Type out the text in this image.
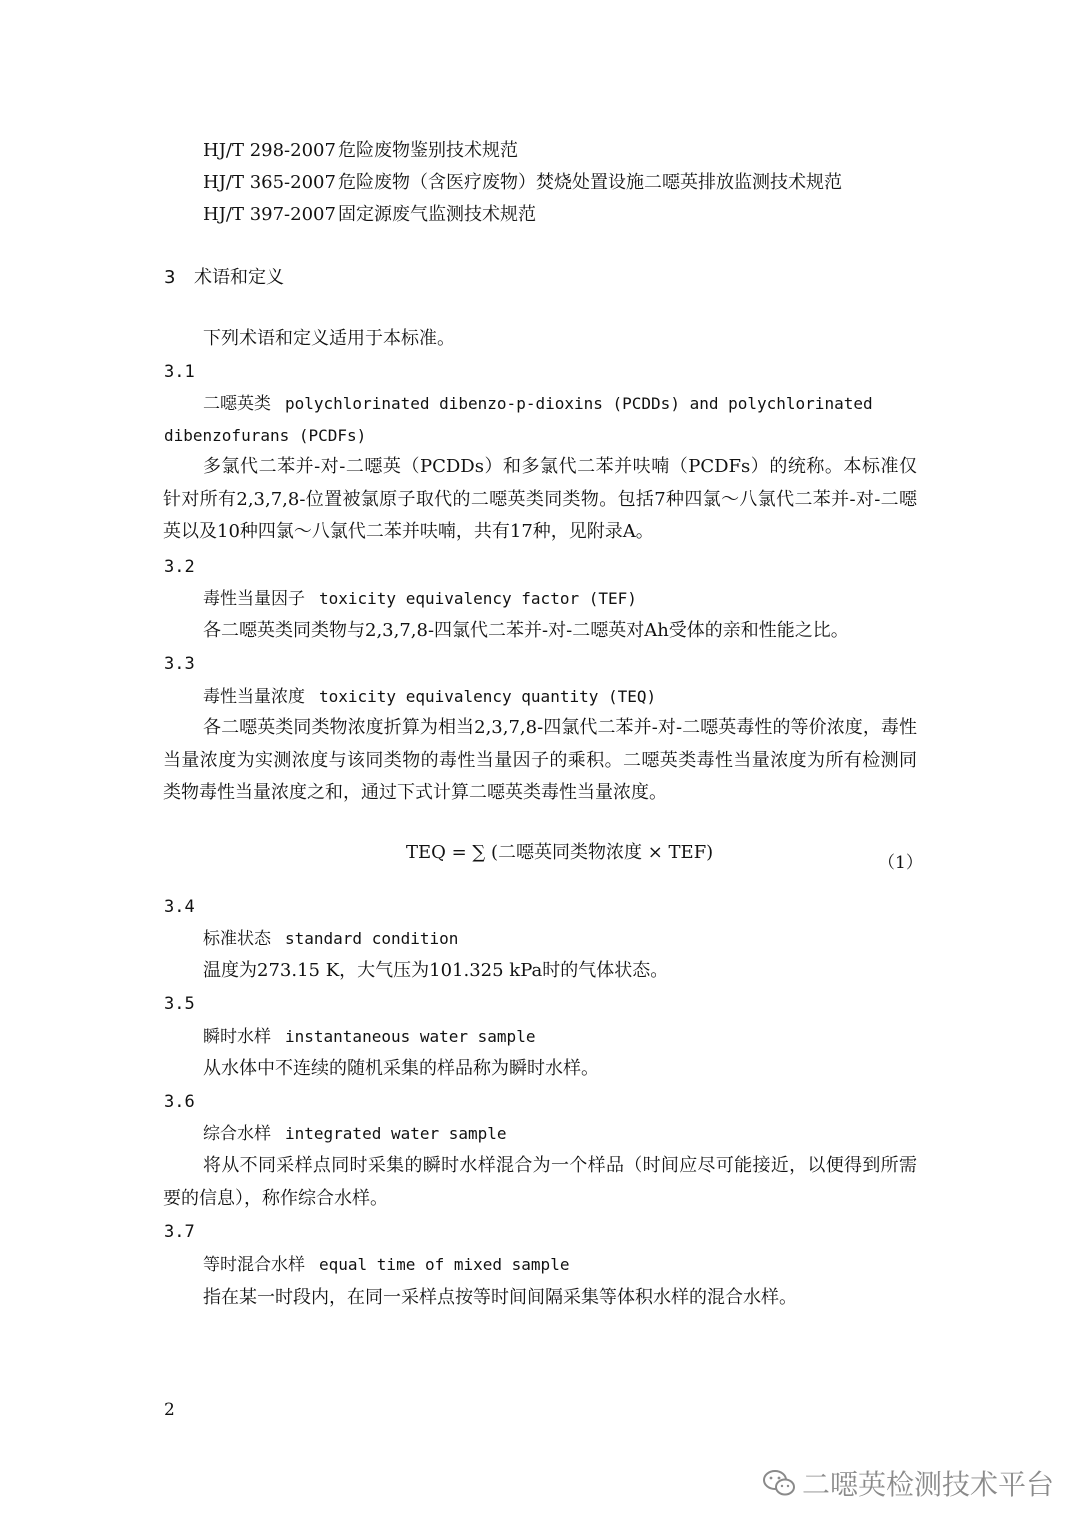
HJ/T 298-2007 危险废物鉴别技术规范
HJ/T 365-2007 危险废物（含医疗废物）焚烧处置设施二噁英排放监测技术规范
HJ/T 397-2007 固定源废气监测技术规范
3 术语和定义
下列术语和定义适用于本标准。
3.1
二噁英类 polychlorinated dibenzo-p-dioxins (PCDDs) and polychlorinated
dibenzofurans (PCDFs)
多氯代二苯并-对-二噁英（PCDDs）和多氯代二苯并呋喃（PCDFs）的统称。本标准仅针对所有2,3,7,8-位置被氯原子取代的二噁英类同类物。包括7种四氯～八氯代二苯并-对-二噁英以及10种四氯～八氯代二苯并呋喃，共有17种，见附录A。
3.2
毒性当量因子 toxicity equivalency factor (TEF)
各二噁英类同类物与2,3,7,8-四氯代二苯并-对-二噁英对Ah受体的亲和性能之比。
3.3
毒性当量浓度 toxicity equivalency quantity (TEQ)
各二噁英类同类物浓度折算为相当2,3,7,8-四氯代二苯并-对-二噁英毒性的等价浓度，毒性当量浓度为实测浓度与该同类物的毒性当量因子的乘积。二噁英类毒性当量浓度为所有检测同类物毒性当量浓度之和，通过下式计算二噁英类毒性当量浓度。
TEQ = ∑ (二噁英同类物浓度 × TEF)	（1）
3.4
标准状态 standard condition
温度为273.15 K，大气压为101.325 kPa时的气体状态。
3.5
瞬时水样 instantaneous water sample
从水体中不连续的随机采集的样品称为瞬时水样。
3.6
综合水样 integrated water sample
将从不同采样点同时采集的瞬时水样混合为一个样品（时间应尽可能接近，以便得到所需要的信息），称作综合水样。
3.7
等时混合水样 equal time of mixed sample
指在某一时段内，在同一采样点按等时间间隔采集等体积水样的混合水样。
2
二噁英检测技术平台
